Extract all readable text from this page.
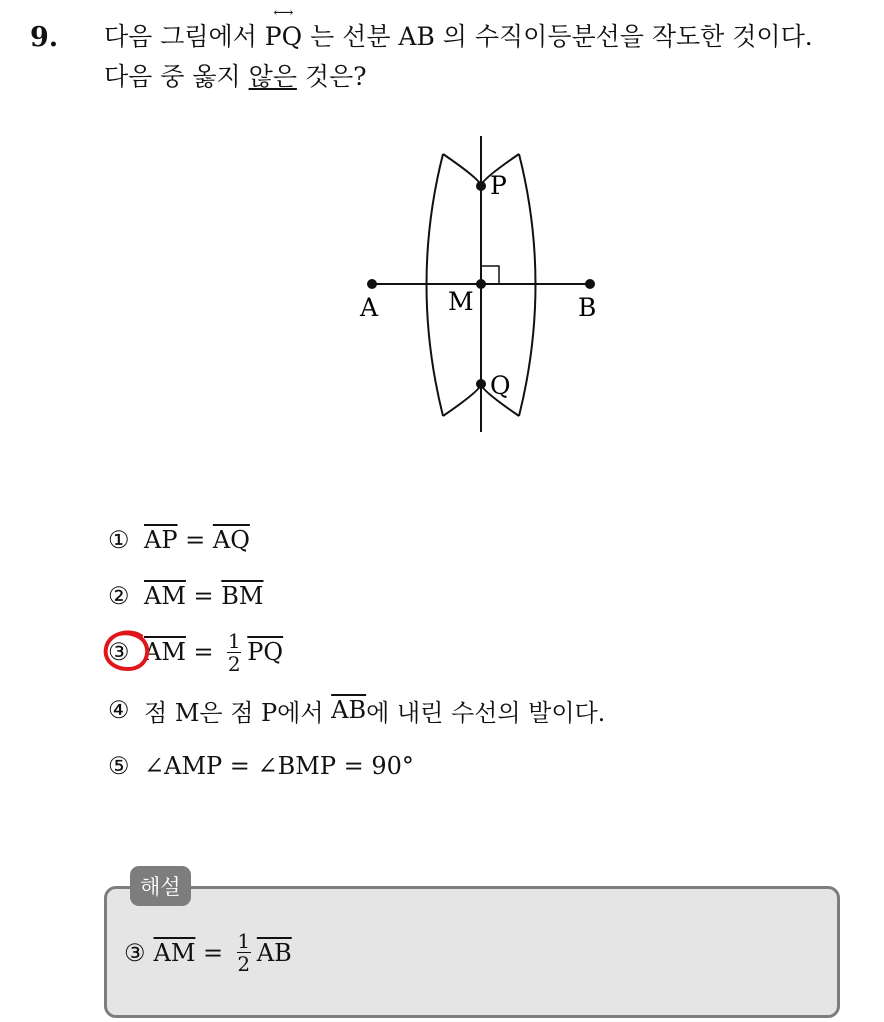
9. 다음 그림에서
⟷
PQ 는 선분 AB 의 수직이등분선을 작도한 것이다.
다음 중 옳지 않은 것은?
P
Q
M
A	B
① $\overline{AP} = \overline{AQ}$
② $\overline{AM} = \overline{BM}$
③ $\overline{AM} = \frac{1}{2} \overline{PQ}$
④ 점 M은 점 P에서 $\overline{AB}$ 에 내린 수선의 발이다.
⑤ ∠AMP = ∠BMP = 90°
해설
③ $\overline{AM} = \frac{1}{2} \overline{AB}$
